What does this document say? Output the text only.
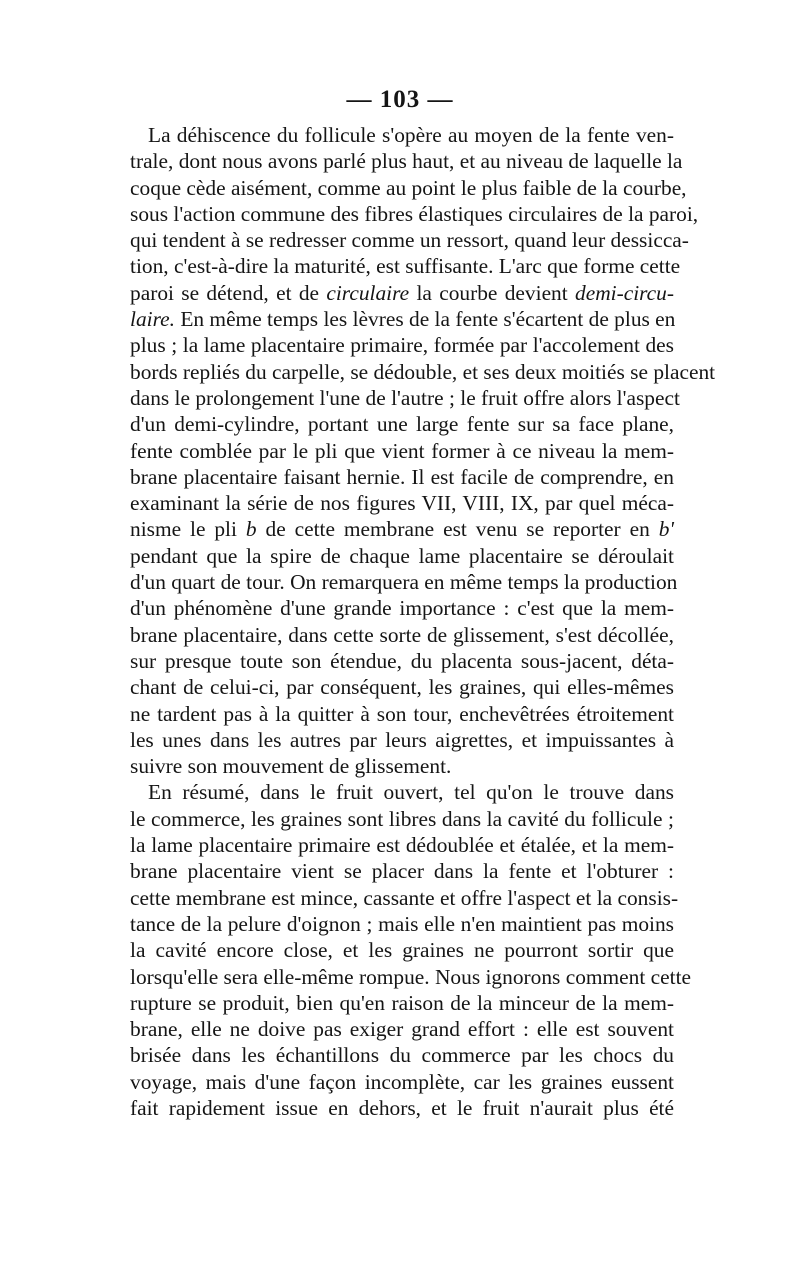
— 103 —
La déhiscence du follicule s'opère au moyen de la fente ven-
trale, dont nous avons parlé plus haut, et au niveau de laquelle la
coque cède aisément, comme au point le plus faible de la courbe,
sous l'action commune des fibres élastiques circulaires de la paroi,
qui tendent à se redresser comme un ressort, quand leur dessicca-
tion, c'est-à-dire la maturité, est suffisante. L'arc que forme cette
paroi se détend, et de circulaire la courbe devient demi-circu-
laire. En même temps les lèvres de la fente s'écartent de plus en
plus ; la lame placentaire primaire, formée par l'accolement des
bords repliés du carpelle, se dédouble, et ses deux moitiés se placent
dans le prolongement l'une de l'autre ; le fruit offre alors l'aspect
d'un demi-cylindre, portant une large fente sur sa face plane,
fente comblée par le pli que vient former à ce niveau la mem-
brane placentaire faisant hernie. Il est facile de comprendre, en
examinant la série de nos figures VII, VIII, IX, par quel méca-
nisme le pli b de cette membrane est venu se reporter en b'
pendant que la spire de chaque lame placentaire se déroulait
d'un quart de tour. On remarquera en même temps la production
d'un phénomène d'une grande importance : c'est que la mem-
brane placentaire, dans cette sorte de glissement, s'est décollée,
sur presque toute son étendue, du placenta sous-jacent, déta-
chant de celui-ci, par conséquent, les graines, qui elles-mêmes
ne tardent pas à la quitter à son tour, enchevêtrées étroitement
les unes dans les autres par leurs aigrettes, et impuissantes à
suivre son mouvement de glissement.
En résumé, dans le fruit ouvert, tel qu'on le trouve dans
le commerce, les graines sont libres dans la cavité du follicule ;
la lame placentaire primaire est dédoublée et étalée, et la mem-
brane placentaire vient se placer dans la fente et l'obturer :
cette membrane est mince, cassante et offre l'aspect et la consis-
tance de la pelure d'oignon ; mais elle n'en maintient pas moins
la cavité encore close, et les graines ne pourront sortir que
lorsqu'elle sera elle-même rompue. Nous ignorons comment cette
rupture se produit, bien qu'en raison de la minceur de la mem-
brane, elle ne doive pas exiger grand effort : elle est souvent
brisée dans les échantillons du commerce par les chocs du
voyage, mais d'une façon incomplète, car les graines eussent
fait rapidement issue en dehors, et le fruit n'aurait plus été
